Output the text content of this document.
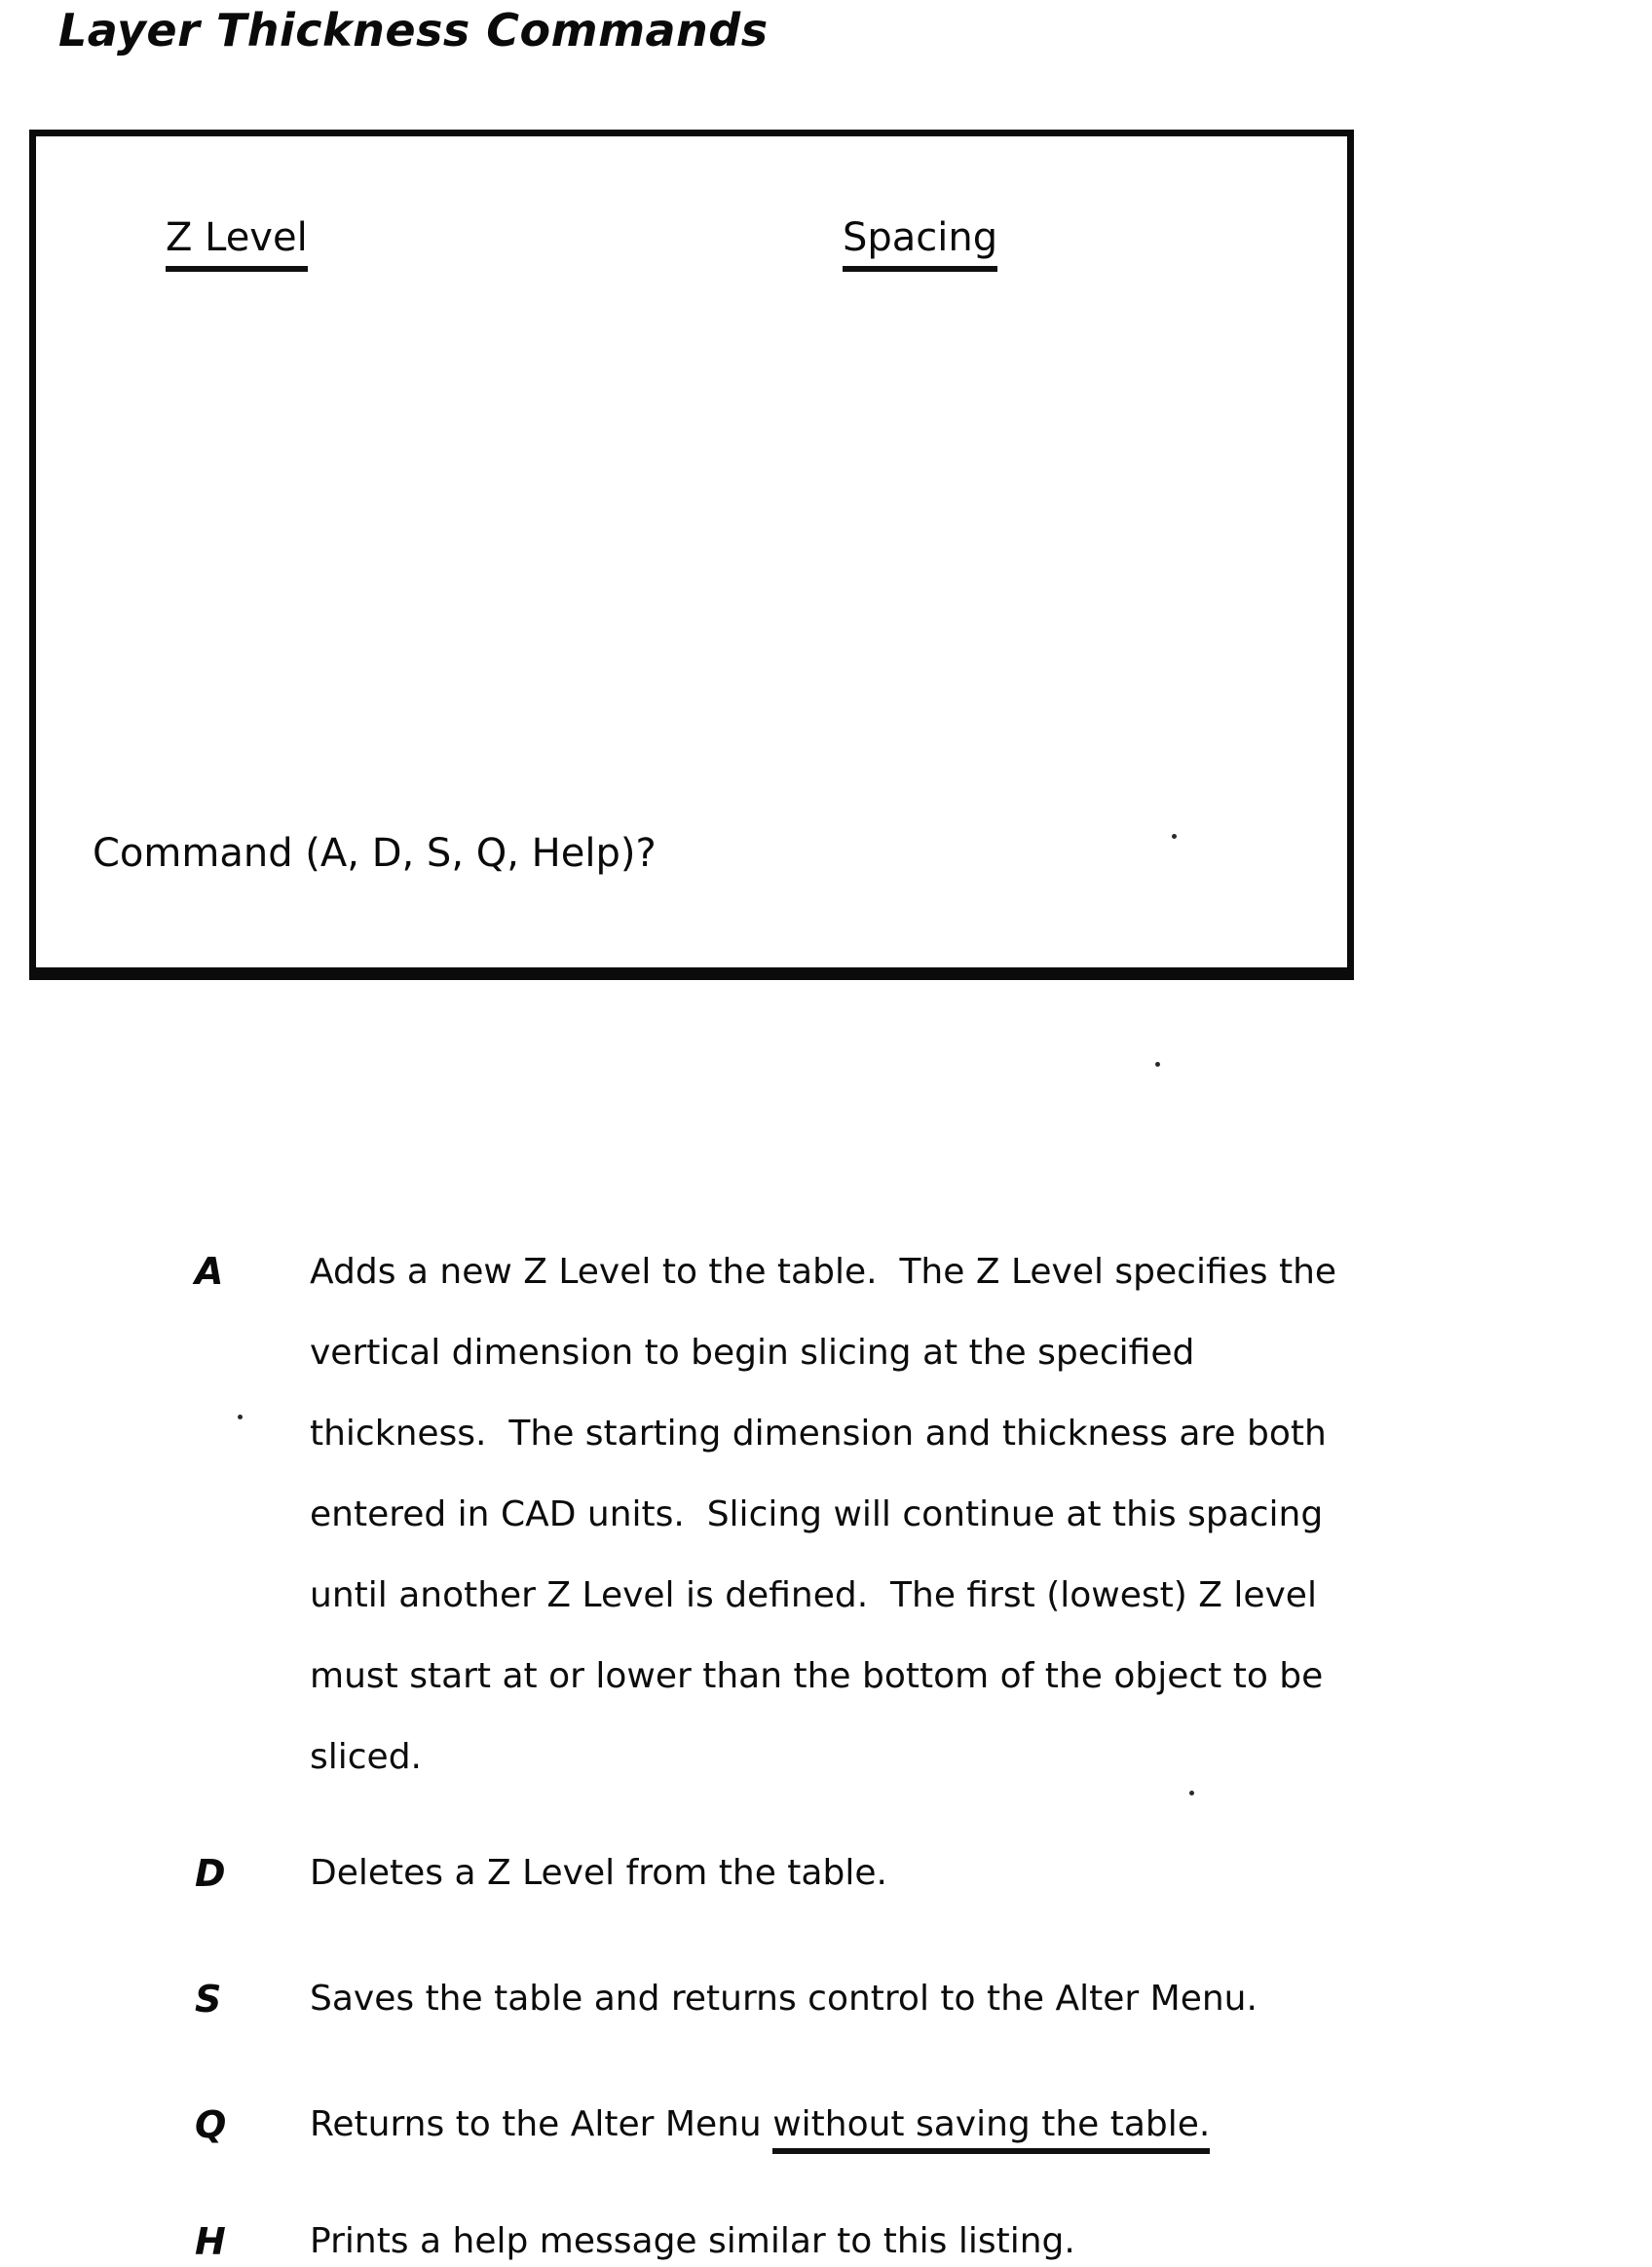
Layer Thickness Commands
Z Level	Spacing
Command (A, D, S, Q, Help)?
A	Adds a new Z Level to the table.  The Z Level specifies the
vertical dimension to begin slicing at the specified
thickness.  The starting dimension and thickness are both
entered in CAD units.  Slicing will continue at this spacing
until another Z Level is defined.  The first (lowest) Z level
must start at or lower than the bottom of the object to be
sliced.
D	Deletes a Z Level from the table.
S	Saves the table and returns control to the Alter Menu.
Q	Returns to the Alter Menu without saving the table.
H	Prints a help message similar to this listing.
